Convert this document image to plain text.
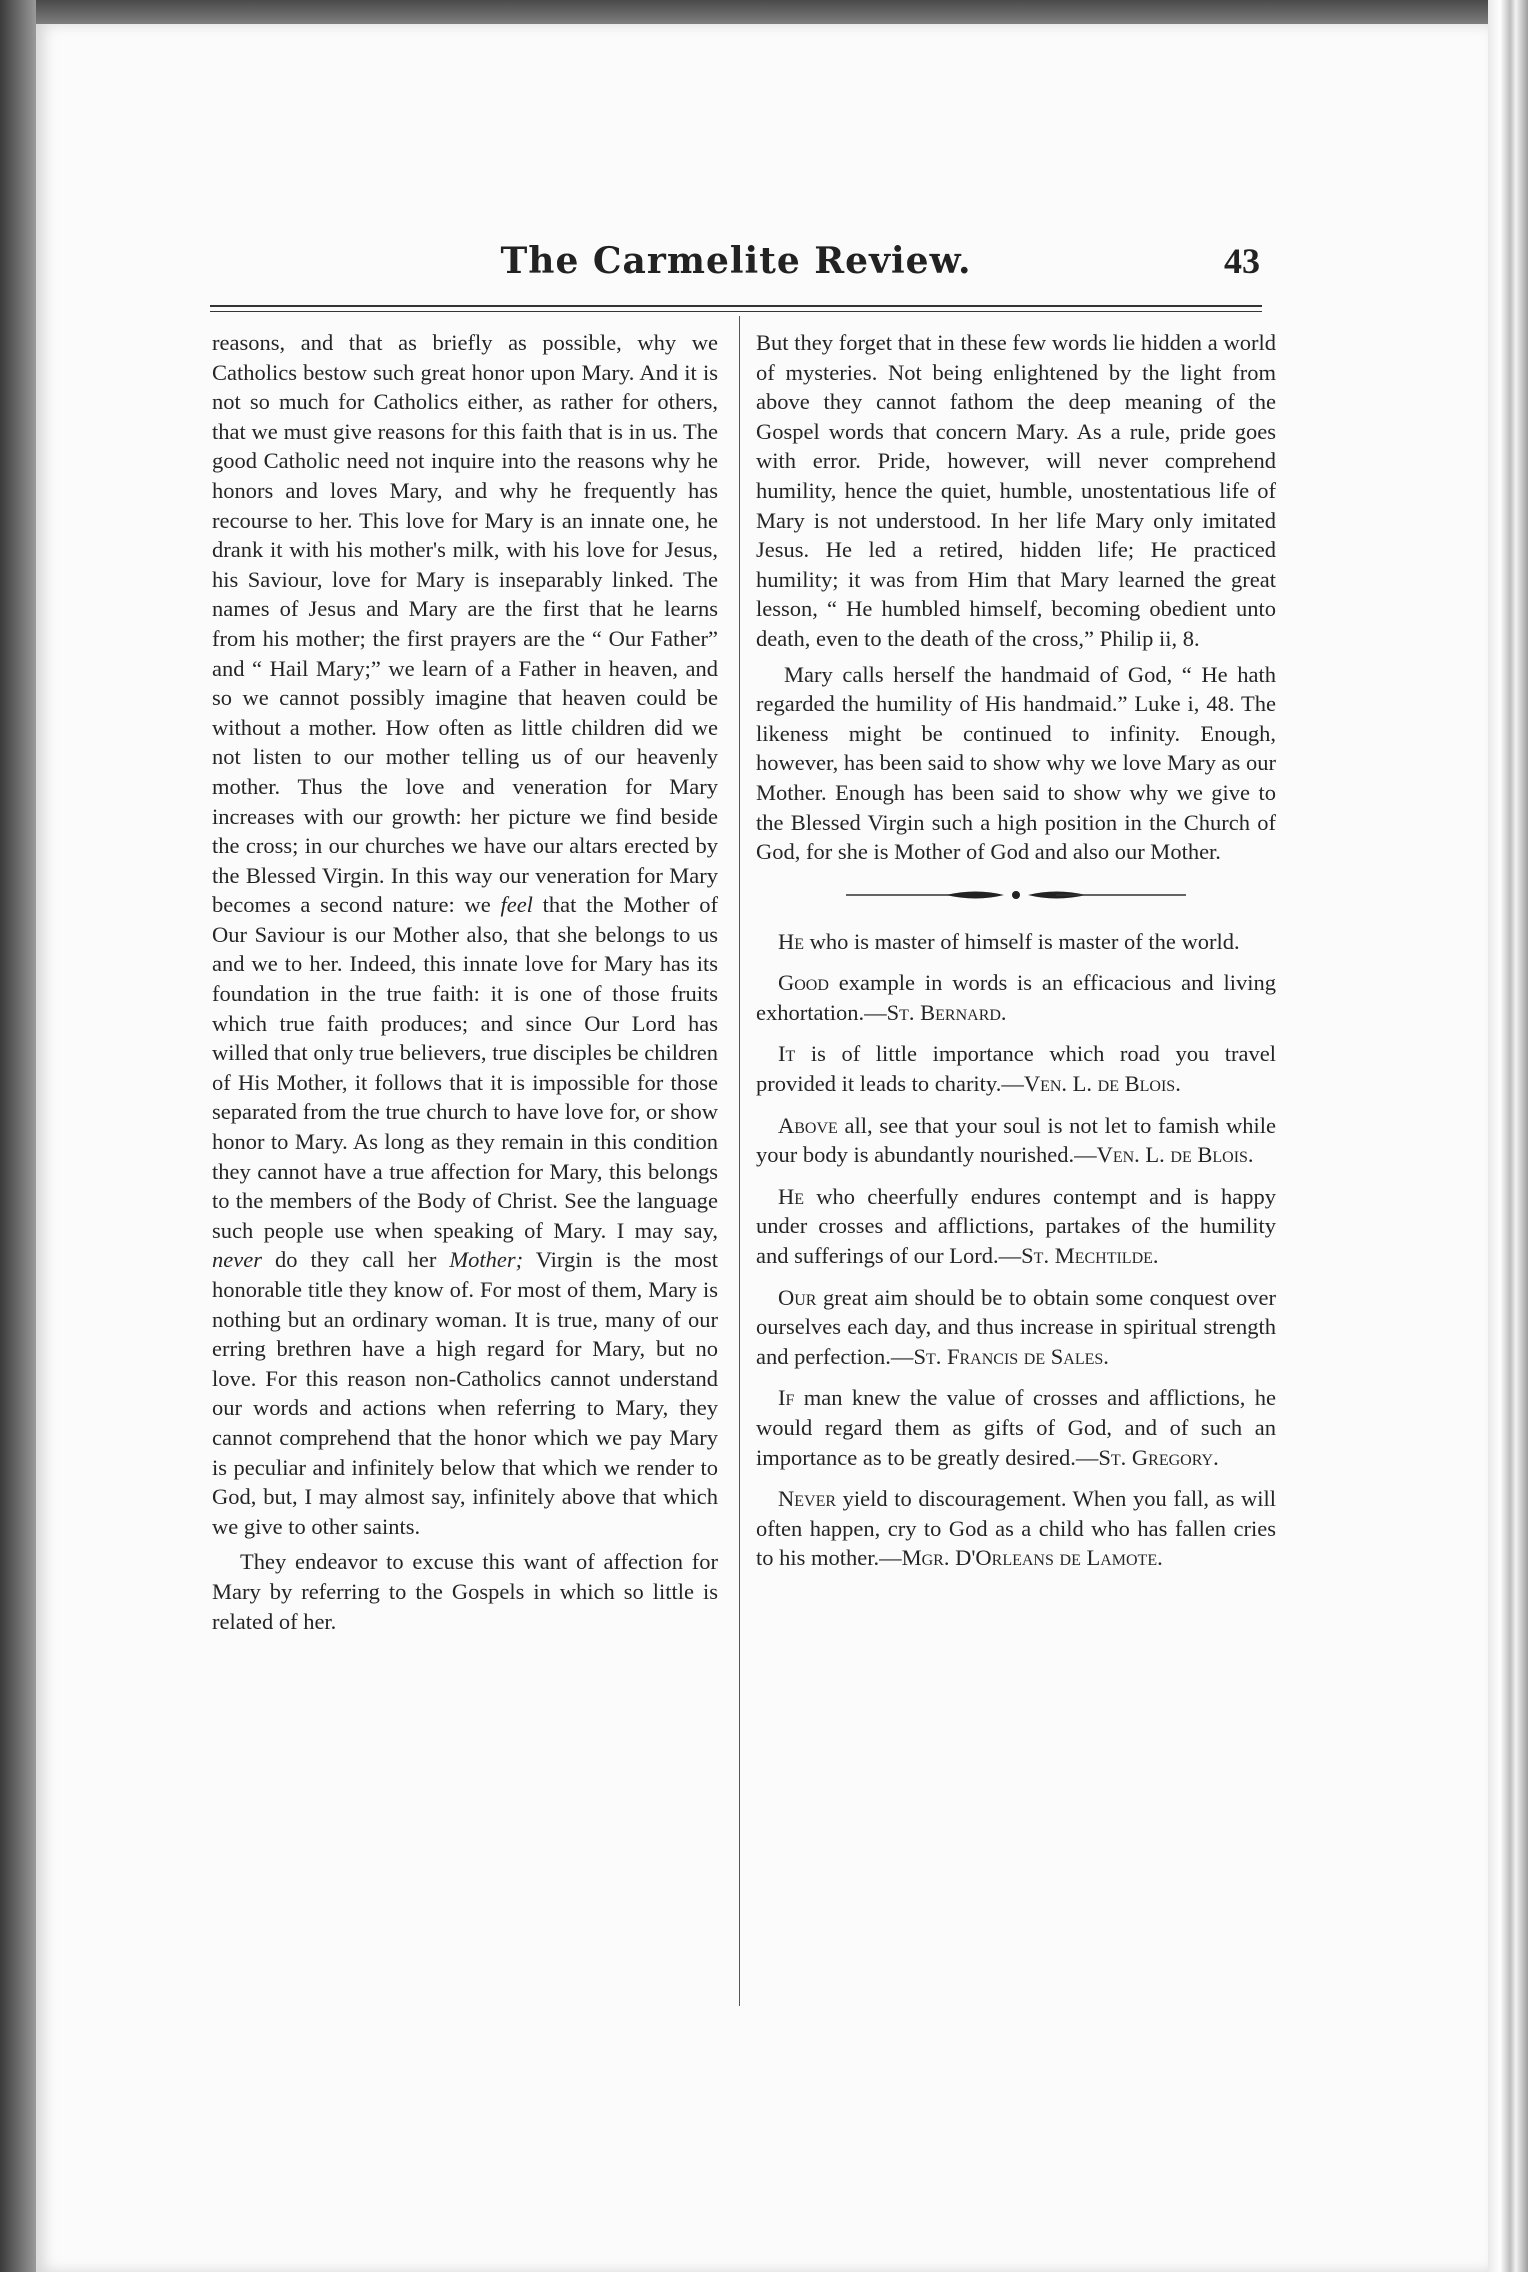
The Carmelite Review.	43

reasons, and that as briefly as possible, why we Catholics bestow such great honor upon Mary. And it is not so much for Catholics either, as rather for others, that we must give reasons for this faith that is in us. The good Catholic need not inquire into the reasons why he honors and loves Mary, and why he frequently has recourse to her. This love for Mary is an innate one, he drank it with his mother's milk, with his love for Jesus, his Saviour, love for Mary is inseparably linked. The names of Jesus and Mary are the first that he learns from his mother; the first prayers are the “ Our Father” and “ Hail Mary;” we learn of a Father in heaven, and so we cannot possibly imagine that heaven could be without a mother. How often as little children did we not listen to our mother telling us of our heavenly mother. Thus the love and veneration for Mary increases with our growth: her picture we find beside the cross; in our churches we have our altars erected by the Blessed Virgin. In this way our veneration for Mary becomes a second nature: we feel that the Mother of Our Saviour is our Mother also, that she belongs to us and we to her. Indeed, this innate love for Mary has its foundation in the true faith: it is one of those fruits which true faith produces; and since Our Lord has willed that only true believers, true disciples be children of His Mother, it follows that it is impossible for those separated from the true church to have love for, or show honor to Mary. As long as they remain in this condition they cannot have a true affection for Mary, this belongs to the members of the Body of Christ. See the language such people use when speaking of Mary. I may say, never do they call her Mother; Virgin is the most honorable title they know of. For most of them, Mary is nothing but an ordinary woman. It is true, many of our erring brethren have a high regard for Mary, but no love. For this reason non-Catholics cannot understand our words and actions when referring to Mary, they cannot comprehend that the honor which we pay Mary is peculiar and infinitely below that which we render to God, but, I may almost say, infinitely above that which we give to other saints.

They endeavor to excuse this want of affection for Mary by referring to the Gospels in which so little is related of her.

But they forget that in these few words lie hidden a world of mysteries. Not being enlightened by the light from above they cannot fathom the deep meaning of the Gospel words that concern Mary. As a rule, pride goes with error. Pride, however, will never comprehend humility, hence the quiet, humble, unostentatious life of Mary is not understood. In her life Mary only imitated Jesus. He led a retired, hidden life; He practiced humility; it was from Him that Mary learned the great lesson, “ He humbled himself, becoming obedient unto death, even to the death of the cross,” Philip ii, 8.

Mary calls herself the handmaid of God, “ He hath regarded the humility of His handmaid.” Luke i, 48. The likeness might be continued to infinity. Enough, however, has been said to show why we love Mary as our Mother. Enough has been said to show why we give to the Blessed Virgin such a high position in the Church of God, for she is Mother of God and also our Mother.

He who is master of himself is master of the world.

Good example in words is an efficacious and living exhortation.—St. Bernard.

It is of little importance which road you travel provided it leads to charity.—Ven. L. de Blois.

Above all, see that your soul is not let to famish while your body is abundantly nourished.—Ven. L. de Blois.

He who cheerfully endures contempt and is happy under crosses and afflictions, partakes of the humility and sufferings of our Lord.—St. Mechtilde.

Our great aim should be to obtain some conquest over ourselves each day, and thus increase in spiritual strength and perfection.—St. Francis de Sales.

If man knew the value of crosses and afflictions, he would regard them as gifts of God, and of such an importance as to be greatly desired.—St. Gregory.

Never yield to discouragement. When you fall, as will often happen, cry to God as a child who has fallen cries to his mother.—Mgr. D'Orleans de Lamote.
